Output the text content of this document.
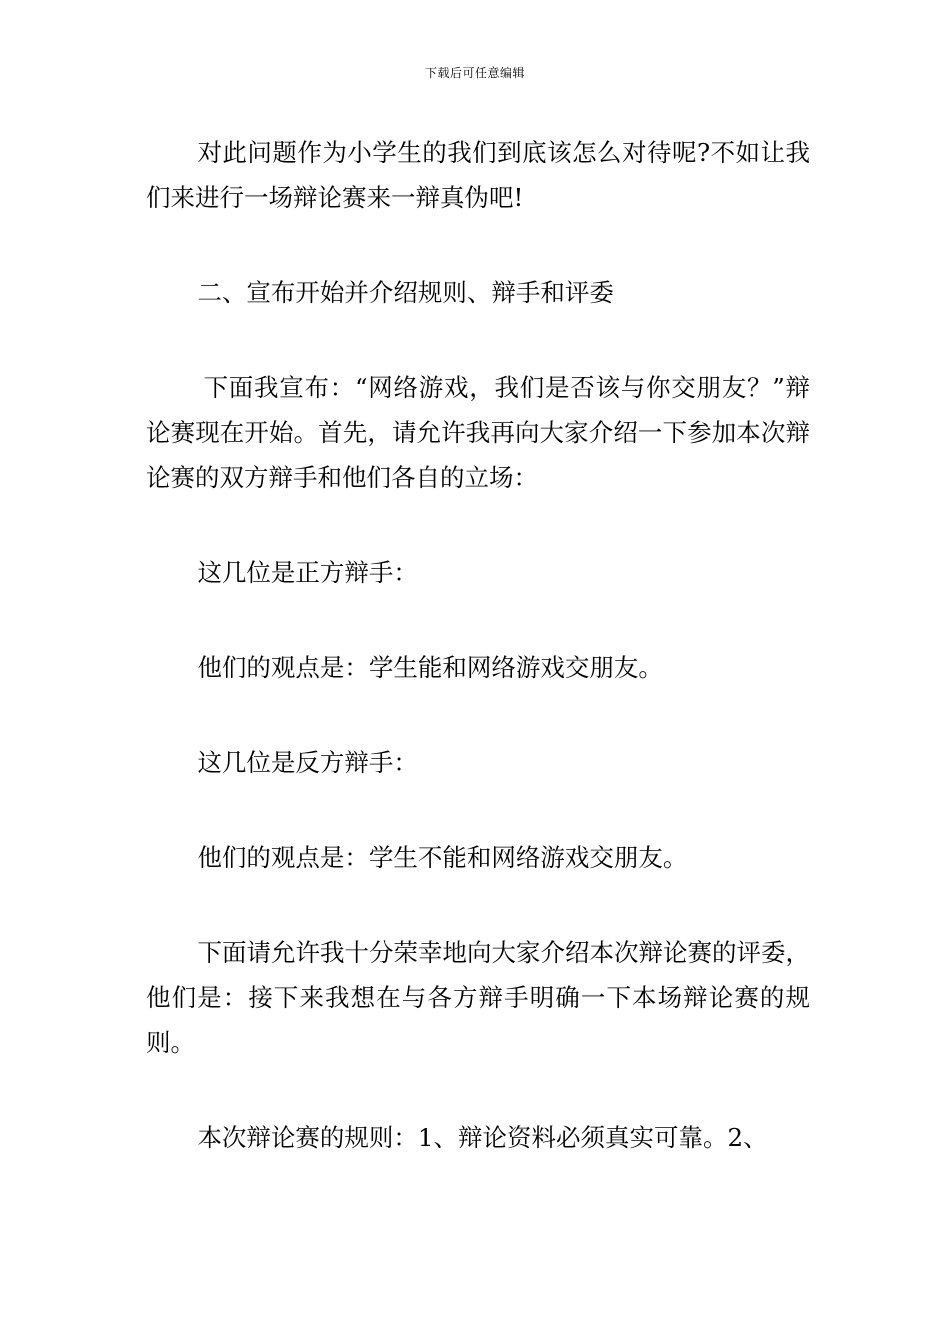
下载后可任意编辑

对此问题作为小学生的我们到底该怎么对待呢?不如让我们来进行一场辩论赛来一辩真伪吧!

二、宣布开始并介绍规则、辩手和评委

下面我宣布：“网络游戏，我们是否该与你交朋友？”辩论赛现在开始。首先，请允许我再向大家介绍一下参加本次辩论赛的双方辩手和他们各自的立场：

这几位是正方辩手：

他们的观点是：学生能和网络游戏交朋友。

这几位是反方辩手：

他们的观点是：学生不能和网络游戏交朋友。

下面请允许我十分荣幸地向大家介绍本次辩论赛的评委，他们是：接下来我想在与各方辩手明确一下本场辩论赛的规则。

本次辩论赛的规则：1、辩论资料必须真实可靠。2、
